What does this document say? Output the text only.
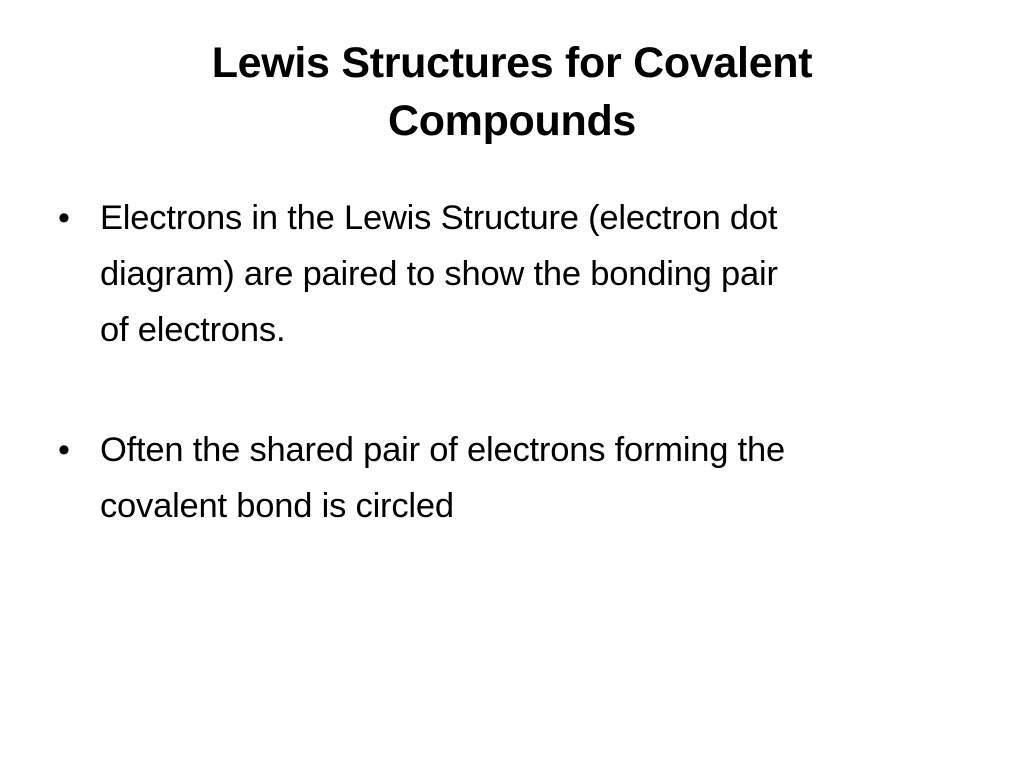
Lewis Structures for Covalent
Compounds
• Electrons in the Lewis Structure (electron dot
diagram) are paired to show the bonding pair
of electrons.
• Often the shared pair of electrons forming the
covalent bond is circled
